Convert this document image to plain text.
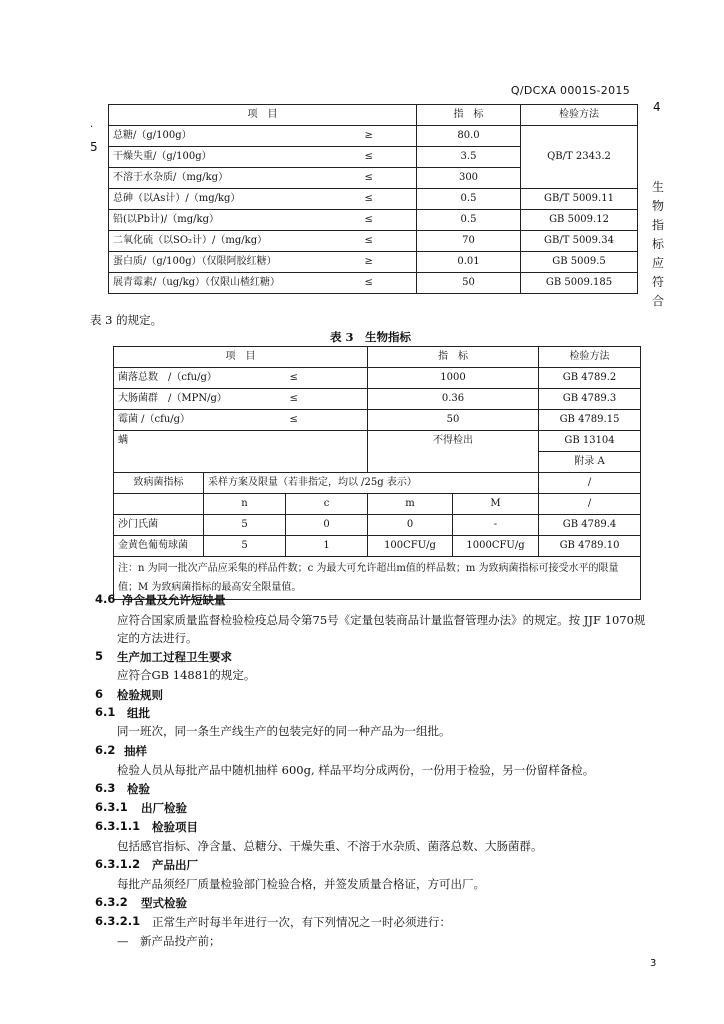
Q/DCXA 0001S-2015
4
·
5
生
物
指
标
应
符
合
项　目		指　标	检验方法
总糖/（g/100g）	≥	80.0	QB/T 2343.2
干燥失重/（g/100g）	≤	3.5	
不溶于水杂质/（mg/kg）	≤	300	
总砷（以As计）/（mg/kg）	≤	0.5	GB/T 5009.11
铅(以Pb计)/（mg/kg）	≤	0.5	GB 5009.12
二氧化硫（以SO₂计）/（mg/kg）	≤	70	GB/T 5009.34
蛋白质/（g/100g）（仅限阿胶红糖）	≥	0.01	GB 5009.5
展青霉素/（ug/kg）（仅限山楂红糖）	≤	50	GB 5009.185
表 3 的规定。
表 3　生物指标
项　目			指　标		检验方法
菌落总数　/（cfu/g）		≤	1000		GB 4789.2
大肠菌群　/（MPN/g）		≤	0.36		GB 4789.3
霉菌 /（cfu/g）		≤	50		GB 4789.15
螨			不得检出		GB 13104
					附录 A
致病菌指标	采样方案及限量（若非指定，均以 /25g 表示）				/
	n	c	m	M	/
沙门氏菌	5	0	0	-	GB 4789.4
金黄色葡萄球菌	5	1	100CFU/g	1000CFU/g	GB 4789.10
注：n 为同一批次产品应采集的样品件数；c 为最大可允许超出m值的样品数；m 为致病菌指标可接受水平的限量值；M 为致病菌指标的最高安全限量值。					
4.6 净含量及允许短缺量
应符合国家质量监督检验检疫总局令第75号《定量包装商品计量监督管理办法》的规定。按 JJF 1070规定的方法进行。
5 生产加工过程卫生要求
应符合GB 14881的规定。
6 检验规则
6.1 组批
同一班次，同一条生产线生产的包装完好的同一种产品为一组批。
6.2 抽样
检验人员从每批产品中随机抽样 600g, 样品平均分成两份，一份用于检验，另一份留样备检。
6.3 检验
6.3.1 出厂检验
6.3.1.1 检验项目
包括感官指标、净含量、总糖分、干燥失重、不溶于水杂质、菌落总数、大肠菌群。
6.3.1.2 产品出厂
每批产品须经厂质量检验部门检验合格，并签发质量合格证，方可出厂。
6.3.2 型式检验
6.3.2.1 正常生产时每半年进行一次，有下列情况之一时必须进行：
—　新产品投产前；
3
